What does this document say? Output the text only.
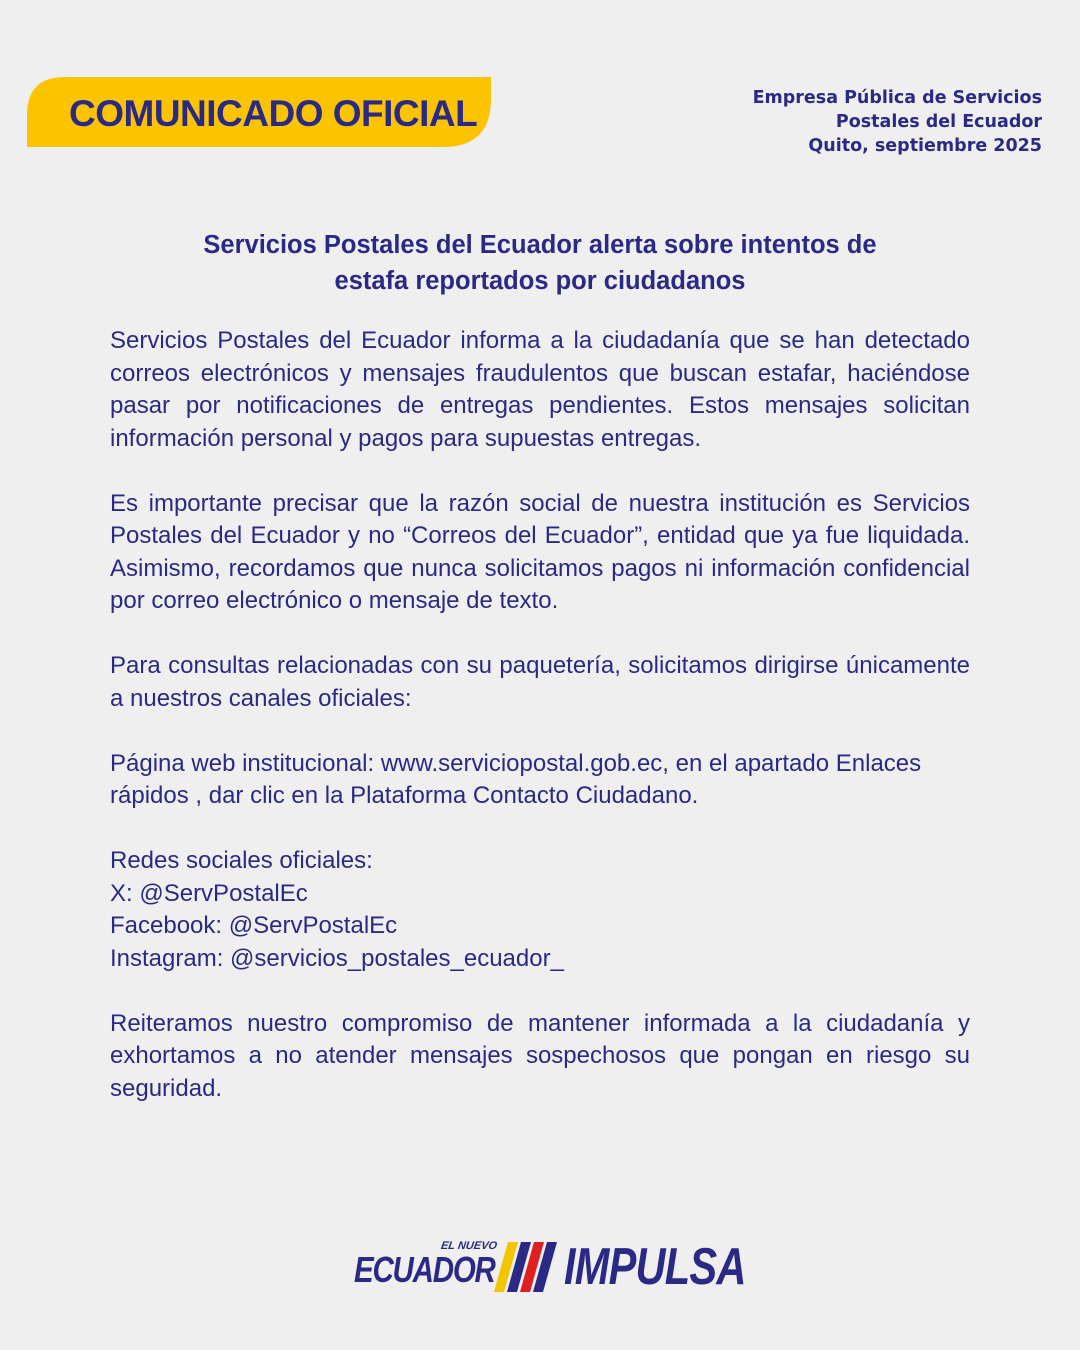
COMUNICADO OFICIAL	Empresa Pública de Servicios
Postales del Ecuador
Quito, septiembre 2025
Servicios Postales del Ecuador alerta sobre intentos de
estafa reportados por ciudadanos

Servicios Postales del Ecuador informa a la ciudadanía que se han detectado correos electrónicos y mensajes fraudulentos que buscan estafar, haciéndose pasar por notificaciones de entregas pendientes. Estos mensajes solicitan información personal y pagos para supuestas entregas.

Es importante precisar que la razón social de nuestra institución es Servicios Postales del Ecuador y no “Correos del Ecuador”, entidad que ya fue liquidada. Asimismo, recordamos que nunca solicitamos pagos ni información confidencial por correo electrónico o mensaje de texto.

Para consultas relacionadas con su paquetería, solicitamos dirigirse únicamente a nuestros canales oficiales:

Página web institucional: www.serviciopostal.gob.ec, en el apartado Enlaces rápidos , dar clic en la Plataforma Contacto Ciudadano.

Redes sociales oficiales:
X: @ServPostalEc
Facebook: @ServPostalEc
Instagram: @servicios_postales_ecuador_

Reiteramos nuestro compromiso de mantener informada a la ciudadanía y exhortamos a no atender mensajes sospechosos que pongan en riesgo su seguridad.

EL NUEVO
ECUADOR IMPULSA
